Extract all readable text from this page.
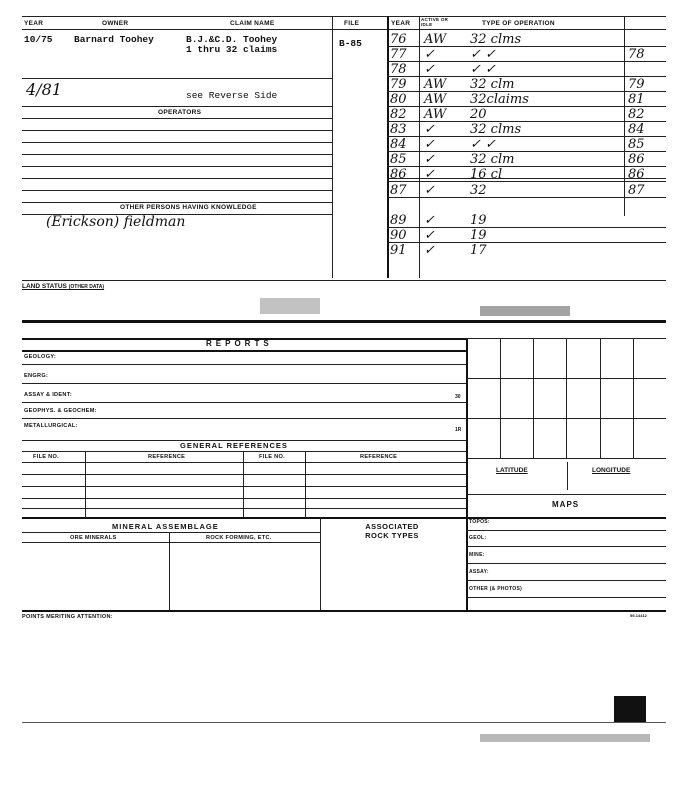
YEAR	OWNER	CLAIM NAME	FILE	YEAR
ACTIVE OR IDLE	TYPE OF OPERATION
10/75 Barnard Toohey	B.J.&C.D. Toohey
1 thru 32 claims
B-85
4/81	see Reverse Side
OPERATORS
OTHER PERSONS HAVING KNOWLEDGE
(Erickson) fieldman
76 AW 32 clms
77 ✓	✓ ✓	78
78 ✓	✓ ✓
79 AW 32 clm	79
80 AW 32claims	81
82 AW 20	82
83 ✓	32 clms	84
84 ✓	✓ ✓	85
85 ✓	32 clm	86
86 ✓	16 cl	86
87 ✓	32	87
89 ✓	19
90 ✓	19
91 ✓	17
LAND STATUS (OTHER DATA)
REPORTS
GEOLOGY:
ENGRG:
ASSAY & IDENT:	30
GEOPHYS. & GEOCHEM:
METALLURGICAL:
1R
LATITUDE	LONGITUDE
GENERAL REFERENCES
FILE NO.	REFERENCE	FILE NO.	REFERENCE
MAPS
TOPOS:
GEOL:
MINE:
ASSAY:
OTHER (& PHOTOS)
MINERAL ASSEMBLAGE
ORE MINERALS	ROCK FORMING, ETC.
ASSOCIATED ROCK TYPES
POINTS MERITING ATTENTION:	59-14412
